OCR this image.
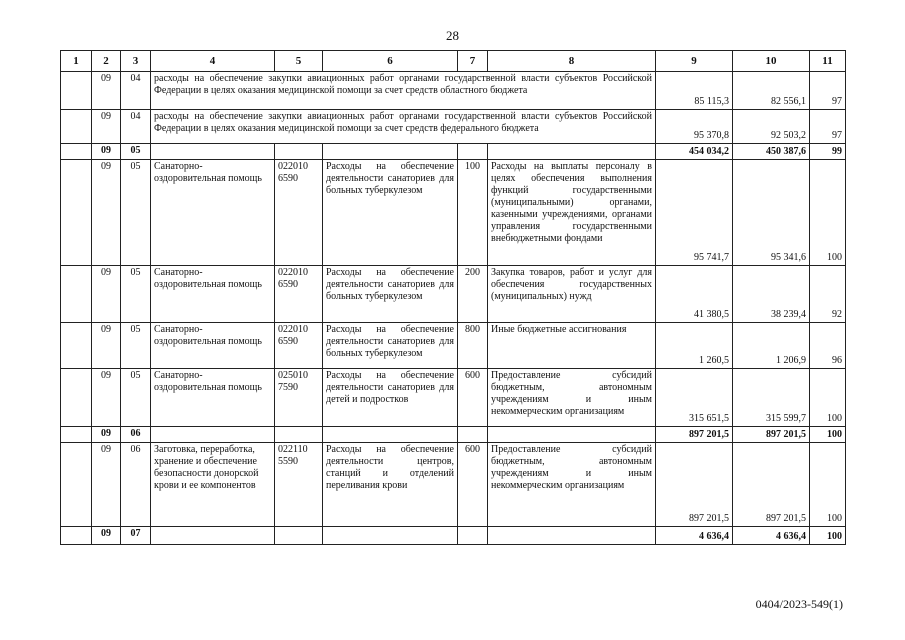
28
1	2	3	4	5	6	7	8	9	10	11
	09	04	расходы на обеспечение закупки авиационных работ органами государственной власти субъектов Российской Федерации в целях оказания медицинской помощи за счет средств областного бюджета					85 115,3	82 556,1	97
	09	04	расходы на обеспечение закупки авиационных работ органами государственной власти субъектов Российской Федерации в целях оказания медицинской помощи за счет средств федерального бюджета					95 370,8	92 503,2	97
	09	05						454 034,2	450 387,6	99
	09	05	Санаторно-оздоровительная помощь	022010 6590	Расходы на обеспечение деятельности санаториев для больных туберкулезом	100	Расходы на выплаты персоналу в целях обеспечения выполнения функций государственными (муниципальными) органами, казенными учреждениями, органами управления государственными внебюджетными фондами	95 741,7	95 341,6	100
	09	05	Санаторно-оздоровительная помощь	022010 6590	Расходы на обеспечение деятельности санаториев для больных туберкулезом	200	Закупка товаров, работ и услуг для обеспечения государственных (муниципальных) нужд	41 380,5	38 239,4	92
	09	05	Санаторно-оздоровительная помощь	022010 6590	Расходы на обеспечение деятельности санаториев для больных туберкулезом	800	Иные бюджетные ассигнования	1 260,5	1 206,9	96
	09	05	Санаторно-оздоровительная помощь	025010 7590	Расходы на обеспечение деятельности санаториев для детей и подростков	600	Предоставление субсидий бюджетным, автономным учреждениям и иным некоммерческим организациям	315 651,5	315 599,7	100
	09	06						897 201,5	897 201,5	100
	09	06	Заготовка, переработка, хранение и обеспечение безопасности донорской крови и ее компонентов	022110 5590	Расходы на обеспечение деятельности центров, станций и отделений переливания крови	600	Предоставление субсидий бюджетным, автономным учреждениям и иным некоммерческим организациям	897 201,5	897 201,5	100
	09	07						4 636,4	4 636,4	100
0404/2023-549(1)
